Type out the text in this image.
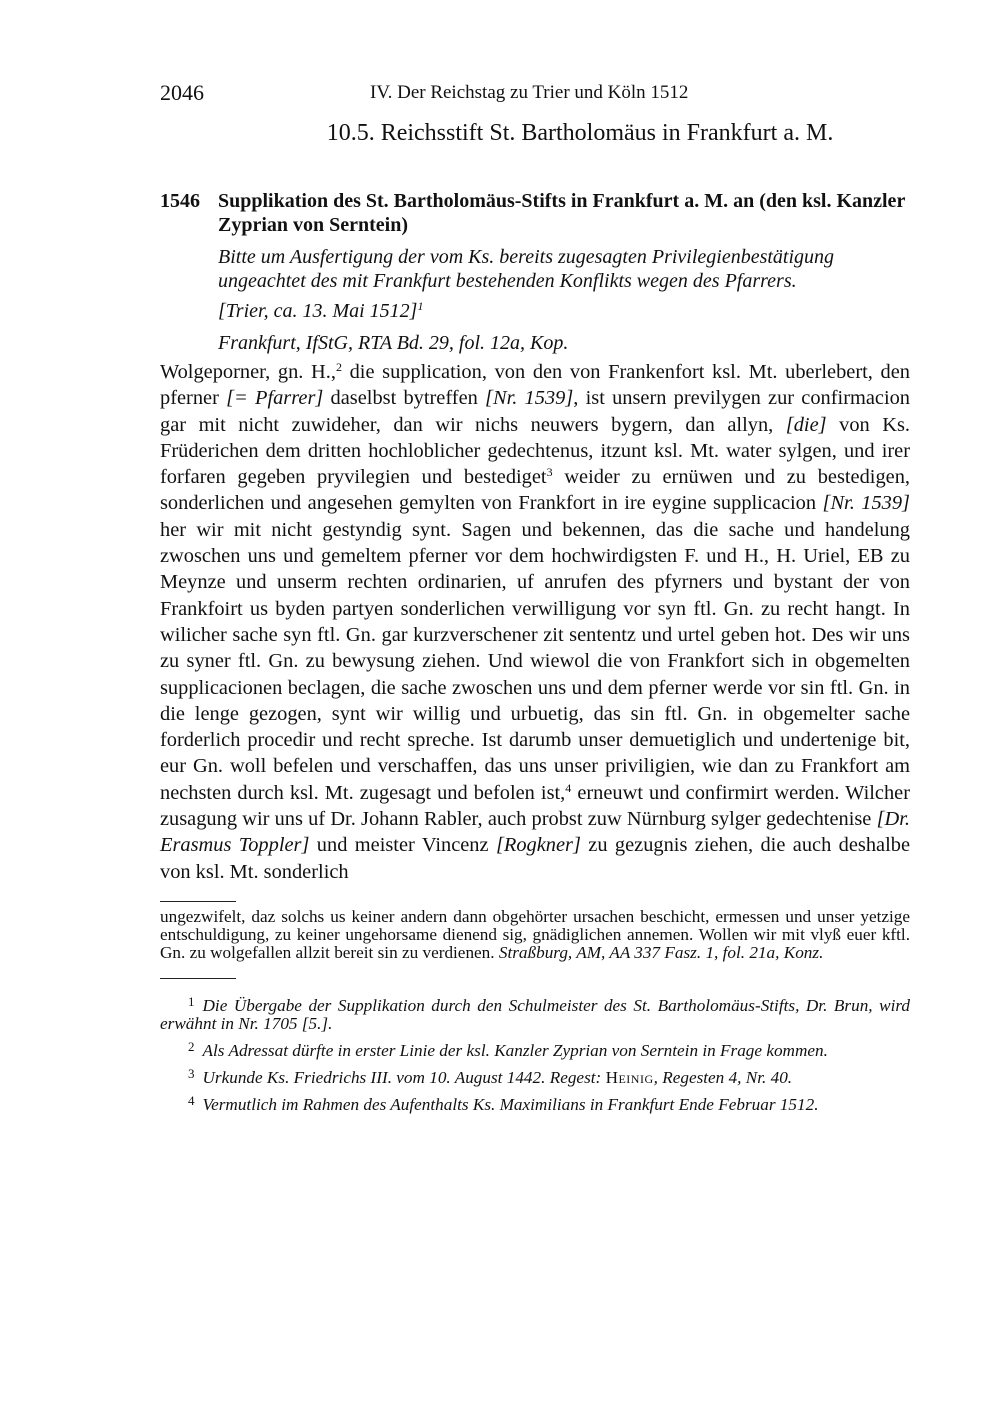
2046	IV. Der Reichstag zu Trier und Köln 1512
10.5. Reichsstift St. Bartholomäus in Frankfurt a. M.
1546 Supplikation des St. Bartholomäus-Stifts in Frankfurt a. M. an (den ksl. Kanzler Zyprian von Serntein)
Bitte um Ausfertigung der vom Ks. bereits zugesagten Privilegienbestätigung ungeachtet des mit Frankfurt bestehenden Konflikts wegen des Pfarrers.
[Trier, ca. 13. Mai 1512]$^1$
Frankfurt, IfStG, RTA Bd. 29, fol. 12a, Kop.
Wolgeporner, gn. H.,$^2$ die supplication, von den von Frankenfort ksl. Mt. uberlebert, den pferner [= Pfarrer] daselbst bytreffen [Nr. 1539], ist unsern previlygen zur confirmacion gar mit nicht zuwideher, dan wir nichs neuwers bygern, dan allyn, [die] von Ks. Früderichen dem dritten hochloblicher gedechtenus, itzunt ksl. Mt. water sylgen, und irer forfaren gegeben pryvilegien und bestediget$^3$ weider zu ernüwen und zu bestedigen, sonderlichen und angesehen gemylten von Frankfort in ire eygine supplicacion [Nr. 1539] her wir mit nicht gestyndig synt. Sagen und bekennen, das die sache und handelung zwoschen uns und gemeltem pferner vor dem hochwirdigsten F. und H., H. Uriel, EB zu Meynze und unserm rechten ordinarien, uf anrufen des pfyrners und bystant der von Frankfoirt us byden partyen sonderlichen verwilligung vor syn ftl. Gn. zu recht hangt. In wilicher sache syn ftl. Gn. gar kurzverschener zit sententz und urtel geben hot. Des wir uns zu syner ftl. Gn. zu bewysung ziehen. Und wiewol die von Frankfort sich in obgemelten supplicacionen beclagen, die sache zwoschen uns und dem pferner werde vor sin ftl. Gn. in die lenge gezogen, synt wir willig und urbuetig, das sin ftl. Gn. in obgemelter sache forderlich procedir und recht spreche. Ist darumb unser demuetiglich und undertenige bit, eur Gn. woll befelen und verschaffen, das uns unser priviligien, wie dan zu Frankfort am nechsten durch ksl. Mt. zugesagt und befolen ist,$^4$ erneuwt und confirmirt werden. Wilcher zusagung wir uns uf Dr. Johann Rabler, auch probst zuw Nürnburg sylger gedechtenise [Dr. Erasmus Toppler] und meister Vincenz [Rogkner] zu gezugnis ziehen, die auch deshalbe von ksl. Mt. sonderlich
ungezwifelt, daz solchs us keiner andern dann obgehörter ursachen beschicht, ermessen und unser yetzige entschuldigung, zu keiner ungehorsame dienend sig, gnädiglichen annemen. Wollen wir mit vlyß euer kftl. Gn. zu wolgefallen allzit bereit sin zu verdienen. Straßburg, AM, AA 337 Fasz. 1, fol. 21a, Konz.
$^1$ Die Übergabe der Supplikation durch den Schulmeister des St. Bartholomäus-Stifts, Dr. Brun, wird erwähnt in Nr. 1705 [5.].
$^2$ Als Adressat dürfte in erster Linie der ksl. Kanzler Zyprian von Serntein in Frage kommen.
$^3$ Urkunde Ks. Friedrichs III. vom 10. August 1442. Regest: Heinig, Regesten 4, Nr. 40.
$^4$ Vermutlich im Rahmen des Aufenthalts Ks. Maximilians in Frankfurt Ende Februar 1512.
